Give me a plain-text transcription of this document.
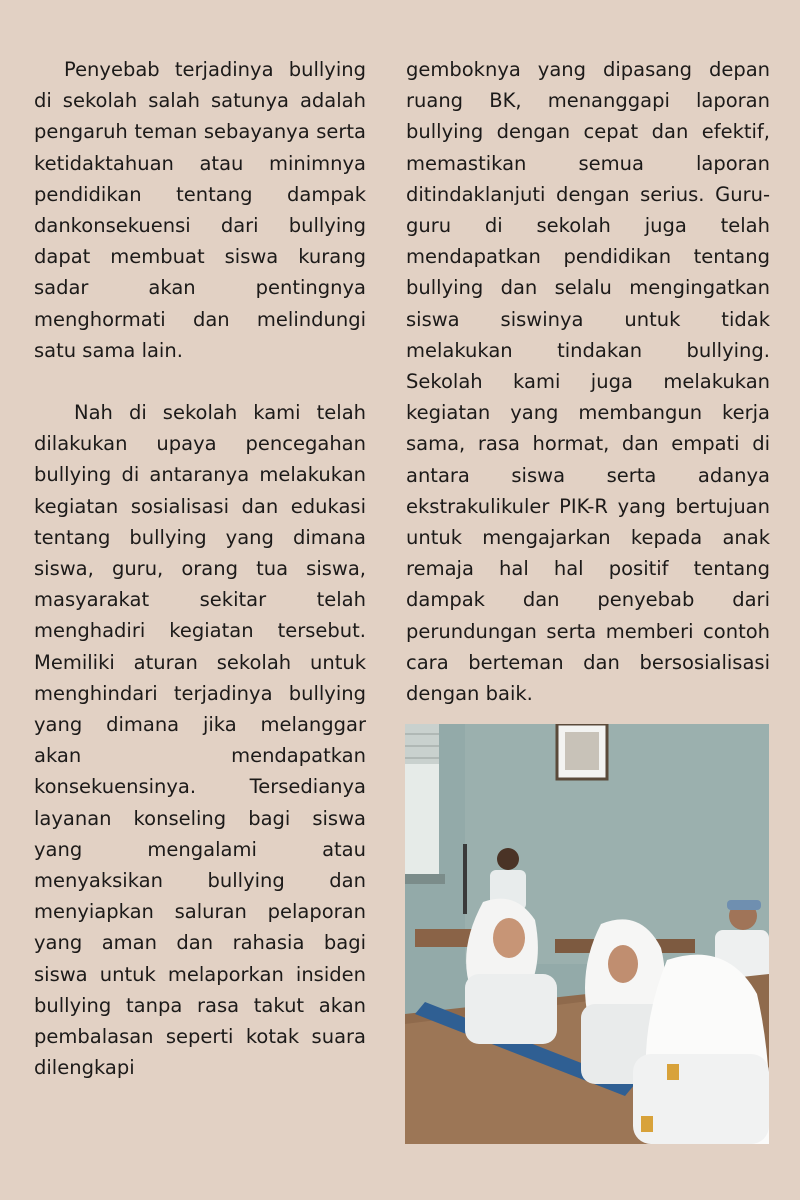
Penyebab terjadinya bullying di sekolah salah satunya adalah pengaruh teman sebayanya serta ketidaktahuan atau minimnya pendidikan tentang dampak dankonsekuensi dari bullying dapat membuat siswa kurang sadar akan pentingnya menghormati dan melindungi satu sama lain.

Nah di sekolah kami telah dilakukan upaya pencegahan bullying di antaranya melakukan kegiatan sosialisasi dan edukasi tentang bullying yang dimana siswa, guru, orang tua siswa, masyarakat sekitar telah menghadiri kegiatan tersebut. Memiliki aturan sekolah untuk menghindari terjadinya bullying yang dimana jika melanggar akan mendapatkan konsekuensinya. Tersedianya layanan konseling bagi siswa yang mengalami atau menyaksikan bullying dan menyiapkan saluran pelaporan yang aman dan rahasia bagi siswa untuk melaporkan insiden bullying tanpa rasa takut akan pembalasan seperti kotak suara dilengkapi

gemboknya yang dipasang depan ruang BK, menanggapi laporan bullying dengan cepat dan efektif, memastikan semua laporan ditindaklanjuti dengan serius. Guru-guru di sekolah juga telah mendapatkan pendidikan tentang bullying dan selalu mengingatkan siswa siswinya untuk tidak melakukan tindakan bullying. Sekolah kami juga melakukan kegiatan yang membangun kerja sama, rasa hormat, dan empati di antara siswa serta adanya ekstrakulikuler PIK-R yang bertujuan untuk mengajarkan kepada anak remaja hal hal positif tentang dampak dan penyebab dari perundungan serta memberi contoh cara berteman dan bersosialisasi dengan baik.
